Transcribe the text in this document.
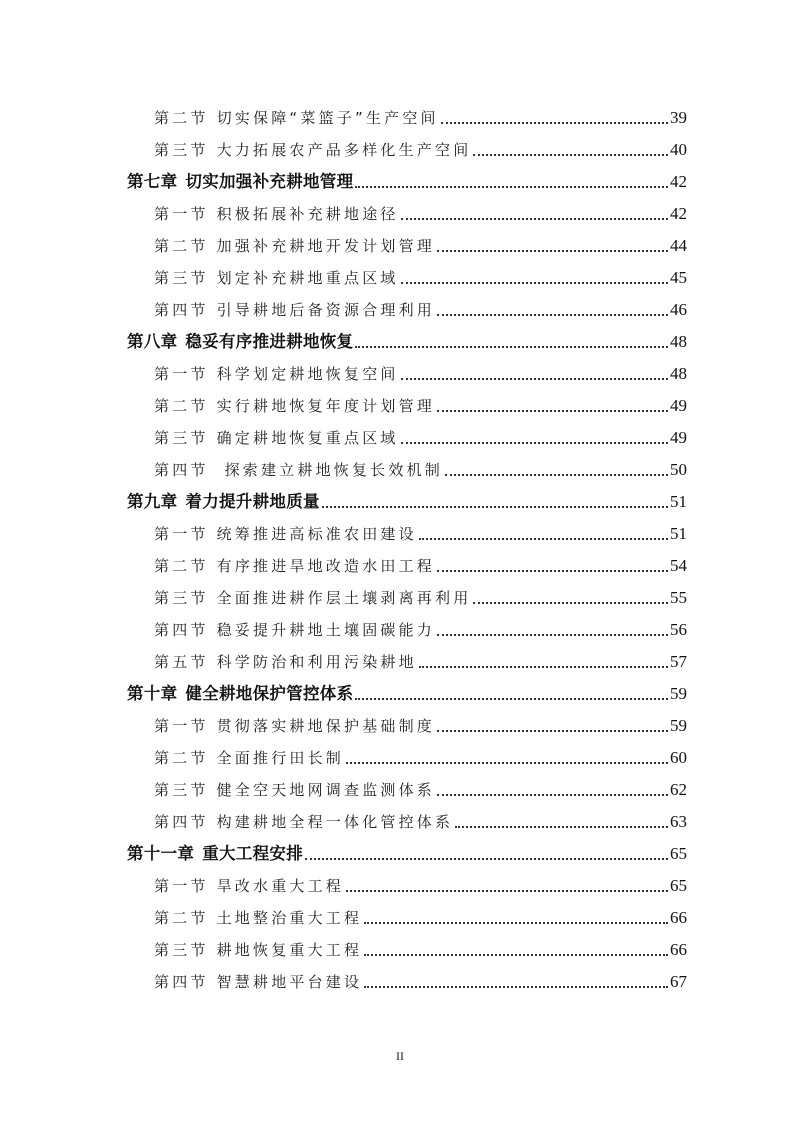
第二节 切实保障“菜篮子”生产空间	39
第三节 大力拓展农产品多样化生产空间	40
第七章 切实加强补充耕地管理	42
第一节 积极拓展补充耕地途径	42
第二节 加强补充耕地开发计划管理	44
第三节 划定补充耕地重点区域	45
第四节 引导耕地后备资源合理利用	46
第八章 稳妥有序推进耕地恢复	48
第一节 科学划定耕地恢复空间	48
第二节 实行耕地恢复年度计划管理	49
第三节 确定耕地恢复重点区域	49
第四节 探索建立耕地恢复长效机制	50
第九章 着力提升耕地质量	51
第一节 统筹推进高标准农田建设	51
第二节 有序推进旱地改造水田工程	54
第三节 全面推进耕作层土壤剥离再利用	55
第四节 稳妥提升耕地土壤固碳能力	56
第五节 科学防治和利用污染耕地	57
第十章 健全耕地保护管控体系	59
第一节 贯彻落实耕地保护基础制度	59
第二节 全面推行田长制	60
第三节 健全空天地网调查监测体系	62
第四节 构建耕地全程一体化管控体系	63
第十一章 重大工程安排	65
第一节 旱改水重大工程	65
第二节 土地整治重大工程	66
第三节 耕地恢复重大工程	66
第四节 智慧耕地平台建设	67
II
